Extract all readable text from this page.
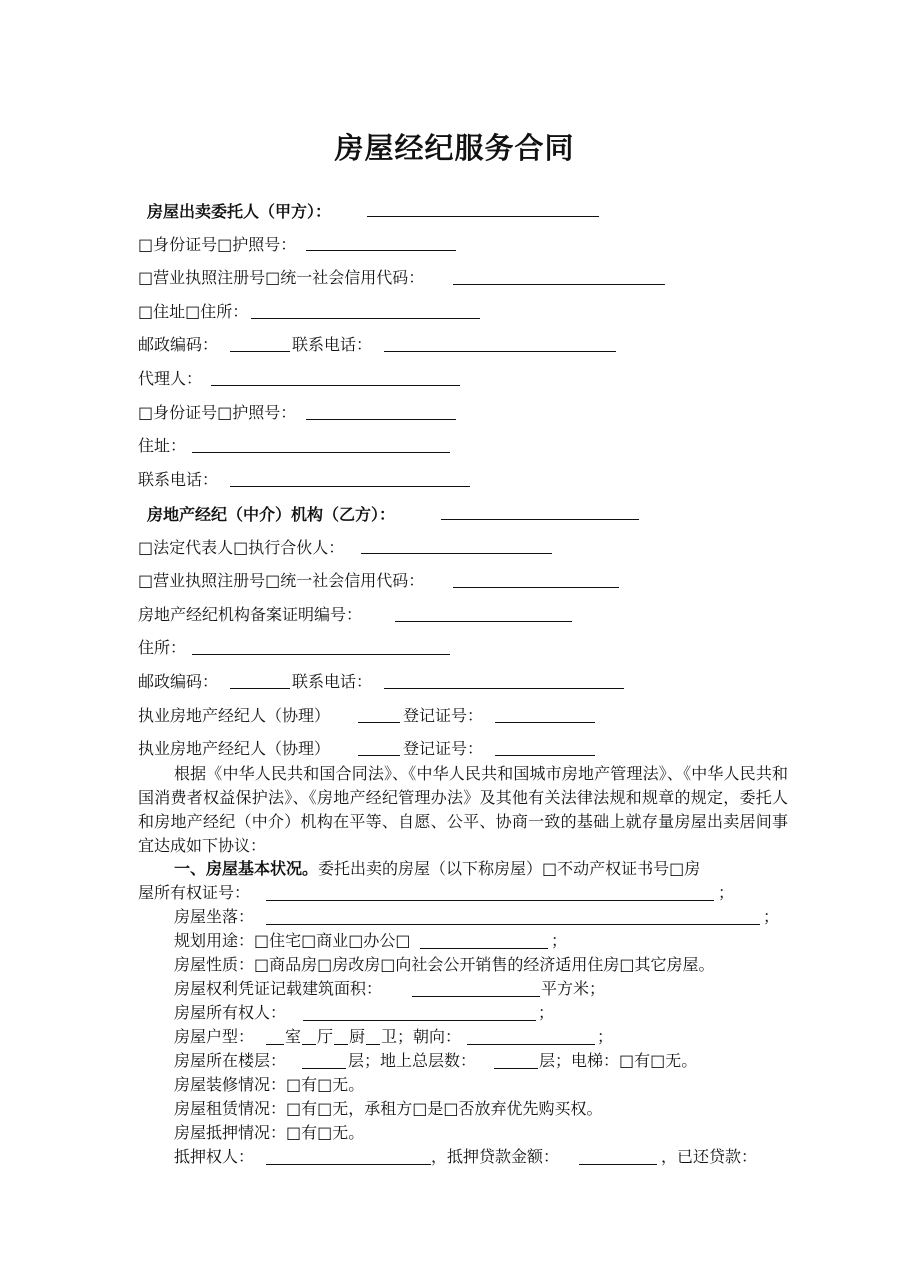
房屋经纪服务合同
房屋出卖委托人（甲方）：
□身份证号□护照号：
□营业执照注册号□统一社会信用代码：
□住址□住所：
邮政编码：	联系电话：
代理人：
□身份证号□护照号：
住址：
联系电话：
房地产经纪（中介）机构（乙方）：
□法定代表人□执行合伙人：
□营业执照注册号□统一社会信用代码：
房地产经纪机构备案证明编号：
住所：
邮政编码：	联系电话：
执业房地产经纪人（协理）	登记证号：
执业房地产经纪人（协理）	登记证号：
根据《中华人民共和国合同法》、《中华人民共和国城市房地产管理法》、《中华人民共和国消费者权益保护法》、《房地产经纪管理办法》及其他有关法律法规和规章的规定，委托人和房地产经纪（中介）机构在平等、自愿、公平、协商一致的基础上就存量房屋出卖居间事宜达成如下协议：
一、房屋基本状况。委托出卖的房屋（以下称房屋）□不动产权证书号□房
屋所有权证号：	；
房屋坐落：	；
规划用途：□住宅□商业□办公□	；
房屋性质：□商品房□房改房□向社会公开销售的经济适用住房□其它房屋。
房屋权利凭证记载建筑面积：	平方米；
房屋所有权人：	；
房屋户型：	室 厅 厨 卫；朝向：	；
房屋所在楼层：	层；地上总层数：	层；电梯：□有□无。
房屋装修情况：□有□无。
房屋租赁情况：□有□无，承租方□是□否放弃优先购买权。
房屋抵押情况：□有□无。
抵押权人：	，抵押贷款金额：	，已还贷款：
